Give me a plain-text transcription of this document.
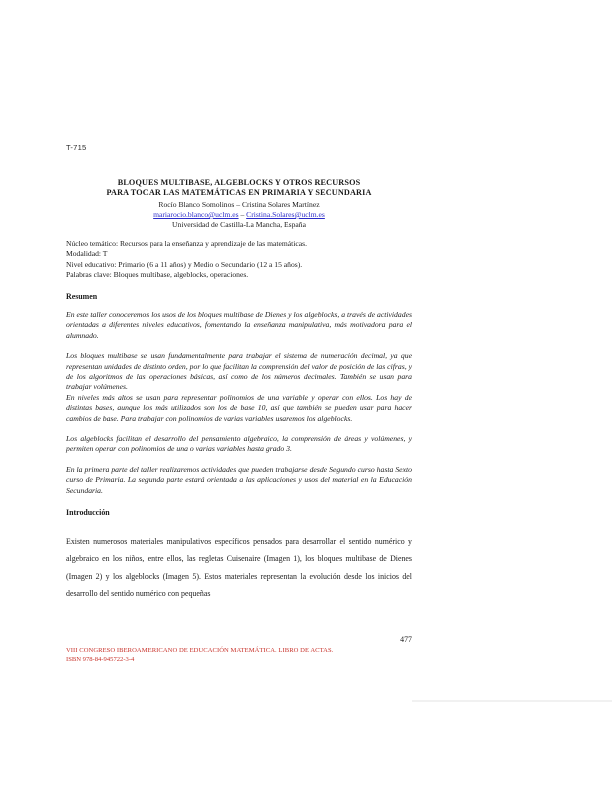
T-715
BLOQUES MULTIBASE, ALGEBLOCKS Y OTROS RECURSOS
PARA TOCAR LAS MATEMÁTICAS EN PRIMARIA Y SECUNDARIA
Rocío Blanco Somolinos – Cristina Solares Martínez
mariarocio.blanco@uclm.es – Cristina.Solares@uclm.es
Universidad de Castilla-La Mancha, España
Núcleo temático: Recursos para la enseñanza y aprendizaje de las matemáticas.
Modalidad: T
Nivel educativo: Primario (6 a 11 años) y Medio o Secundario (12 a 15 años).
Palabras clave: Bloques multibase, algeblocks, operaciones.
Resumen

En este taller conoceremos los usos de los bloques multibase de Dienes y los algeblocks, a través de actividades orientadas a diferentes niveles educativos, fomentando la enseñanza manipulativa, más motivadora para el alumnado.

Los bloques multibase se usan fundamentalmente para trabajar el sistema de numeración decimal, ya que representan unidades de distinto orden, por lo que facilitan la comprensión del valor de posición de las cifras, y de los algoritmos de las operaciones básicas, así como de los números decimales. También se usan para trabajar volúmenes.

En niveles más altos se usan para representar polinomios de una variable y operar con ellos. Los hay de distintas bases, aunque los más utilizados son los de base 10, así que también se pueden usar para hacer cambios de base. Para trabajar con polinomios de varias variables usaremos los algeblocks.

Los algeblocks facilitan el desarrollo del pensamiento algebraico, la comprensión de áreas y volúmenes, y permiten operar con polinomios de una o varias variables hasta grado 3.

En la primera parte del taller realizaremos actividades que pueden trabajarse desde Segundo curso hasta Sexto curso de Primaria. La segunda parte estará orientada a las aplicaciones y usos del material en la Educación Secundaria.

Introducción

Existen numerosos materiales manipulativos específicos pensados para desarrollar el sentido numérico y algebraico en los niños, entre ellos, las regletas Cuisenaire (Imagen 1), los bloques multibase de Dienes (Imagen 2) y los algeblocks (Imagen 5). Estos materiales representan la evolución desde los inicios del desarrollo del sentido numérico con pequeñas

477
VIII CONGRESO IBEROAMERICANO DE EDUCACIÓN MATEMÁTICA. LIBRO DE ACTAS.
ISBN 978-84-945722-3-4
